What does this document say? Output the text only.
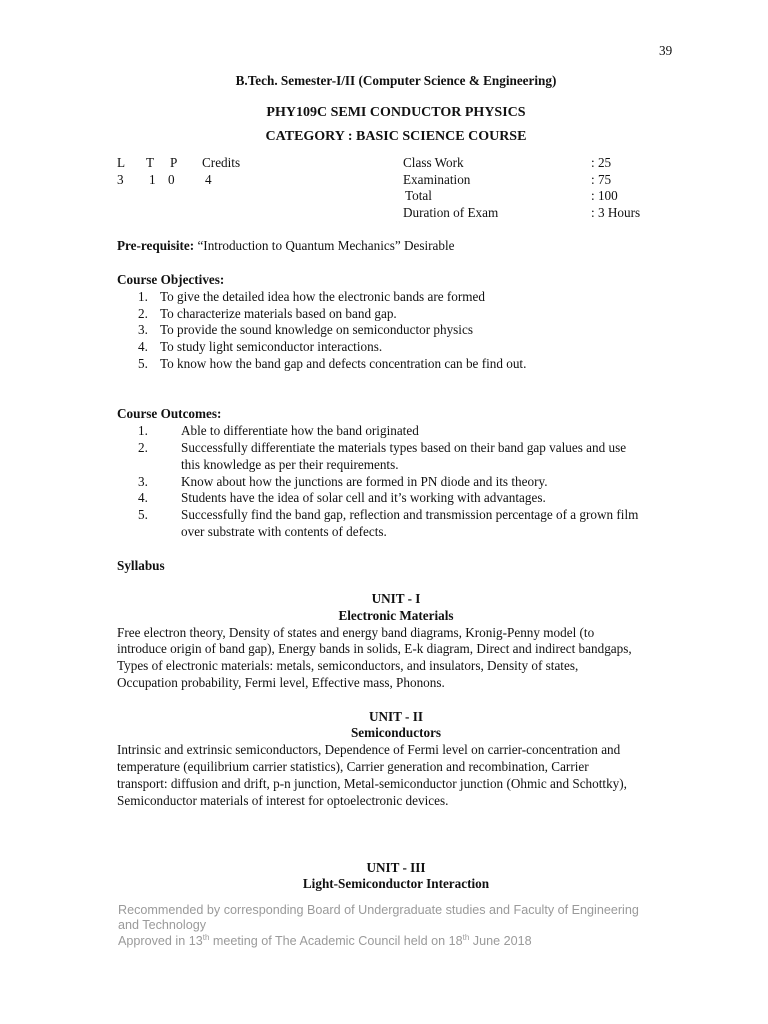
39
B.Tech. Semester-I/II (Computer Science & Engineering)
PHY109C SEMI CONDUCTOR PHYSICS
CATEGORY : BASIC SCIENCE COURSE
L T P Credits
3 1 0 4
Class Work	: 25
Examination	: 75
Total	: 100
Duration of Exam	: 3 Hours
Pre-requisite: “Introduction to Quantum Mechanics” Desirable
Course Objectives:
1. To give the detailed idea how the electronic bands are formed
2. To characterize materials based on band gap.
3. To provide the sound knowledge on semiconductor physics
4. To study light semiconductor interactions.
5. To know how the band gap and defects concentration can be find out.
Course Outcomes:
1.	Able to differentiate how the band originated
2.	Successfully differentiate the materials types based on their band gap values and use
this knowledge as per their requirements.
3.	Know about how the junctions are formed in PN diode and its theory.
4.	Students have the idea of solar cell and it’s working with advantages.
5.	Successfully find the band gap, reflection and transmission percentage of a grown film
over substrate with contents of defects.
Syllabus
UNIT - I
Electronic Materials
Free electron theory, Density of states and energy band diagrams, Kronig-Penny model (to
introduce origin of band gap), Energy bands in solids, E-k diagram, Direct and indirect bandgaps,
Types of electronic materials: metals, semiconductors, and insulators, Density of states,
Occupation probability, Fermi level, Effective mass, Phonons.
UNIT - II
Semiconductors
Intrinsic and extrinsic semiconductors, Dependence of Fermi level on carrier-concentration and
temperature (equilibrium carrier statistics), Carrier generation and recombination, Carrier
transport: diffusion and drift, p-n junction, Metal-semiconductor junction (Ohmic and Schottky),
Semiconductor materials of interest for optoelectronic devices.
UNIT - III
Light-Semiconductor Interaction
Recommended by corresponding Board of Undergraduate studies and Faculty of Engineering
and Technology
Approved in 13th meeting of The Academic Council held on 18th June 2018
